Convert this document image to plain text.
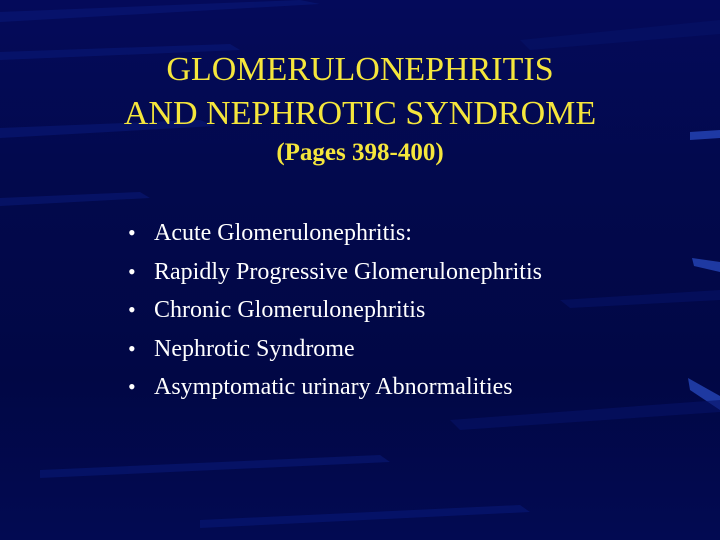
GLOMERULONEPHRITIS
AND NEPHROTIC SYNDROME

(Pages 398-400)

• Acute Glomerulonephritis:
• Rapidly Progressive Glomerulonephritis
• Chronic Glomerulonephritis
• Nephrotic Syndrome
• Asymptomatic urinary Abnormalities
